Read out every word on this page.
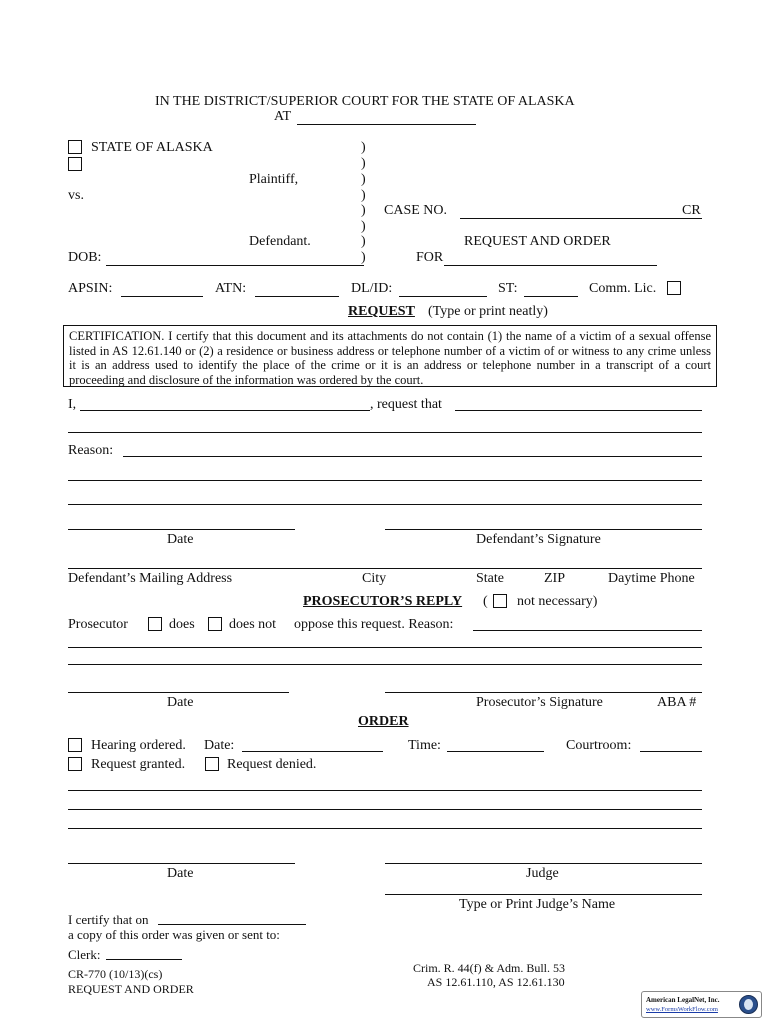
IN THE DISTRICT/SUPERIOR COURT FOR THE STATE OF ALASKA
AT
STATE OF ALASKA
Plaintiff,
vs.
Defendant.
DOB:
)
)
)
)
)
)
)
)
CASE NO.	CR
REQUEST AND ORDER
FOR
APSIN:	ATN:	DL/ID:	ST:	Comm. Lic.
REQUEST (Type or print neatly)
CERTIFICATION. I certify that this document and its attachments do not contain (1) the name of a victim of a sexual offense listed in AS 12.61.140 or (2) a residence or business address or telephone number of a victim of or witness to any crime unless it is an address used to identify the place of the crime or it is an address or telephone number in a transcript of a court proceeding and disclosure of the information was ordered by the court.
I,	, request that
Reason:
Date	Defendant’s Signature
Defendant’s Mailing Address	City	State	ZIP	Daytime Phone
PROSECUTOR’S REPLY ( not necessary)
Prosecutor	does does not oppose this request. Reason:
Date	Prosecutor’s Signature	ABA #
ORDER
Hearing ordered. Date:	Time:	Courtroom:
Request granted.	Request denied.
Date	Judge
Type or Print Judge’s Name
I certify that on
a copy of this order was given or sent to:
Clerk:
CR-770 (10/13)(cs)
REQUEST AND ORDER
Crim. R. 44(f) & Adm. Bull. 53
AS 12.61.110, AS 12.61.130
American LegalNet, Inc.
www.FormsWorkFlow.com
